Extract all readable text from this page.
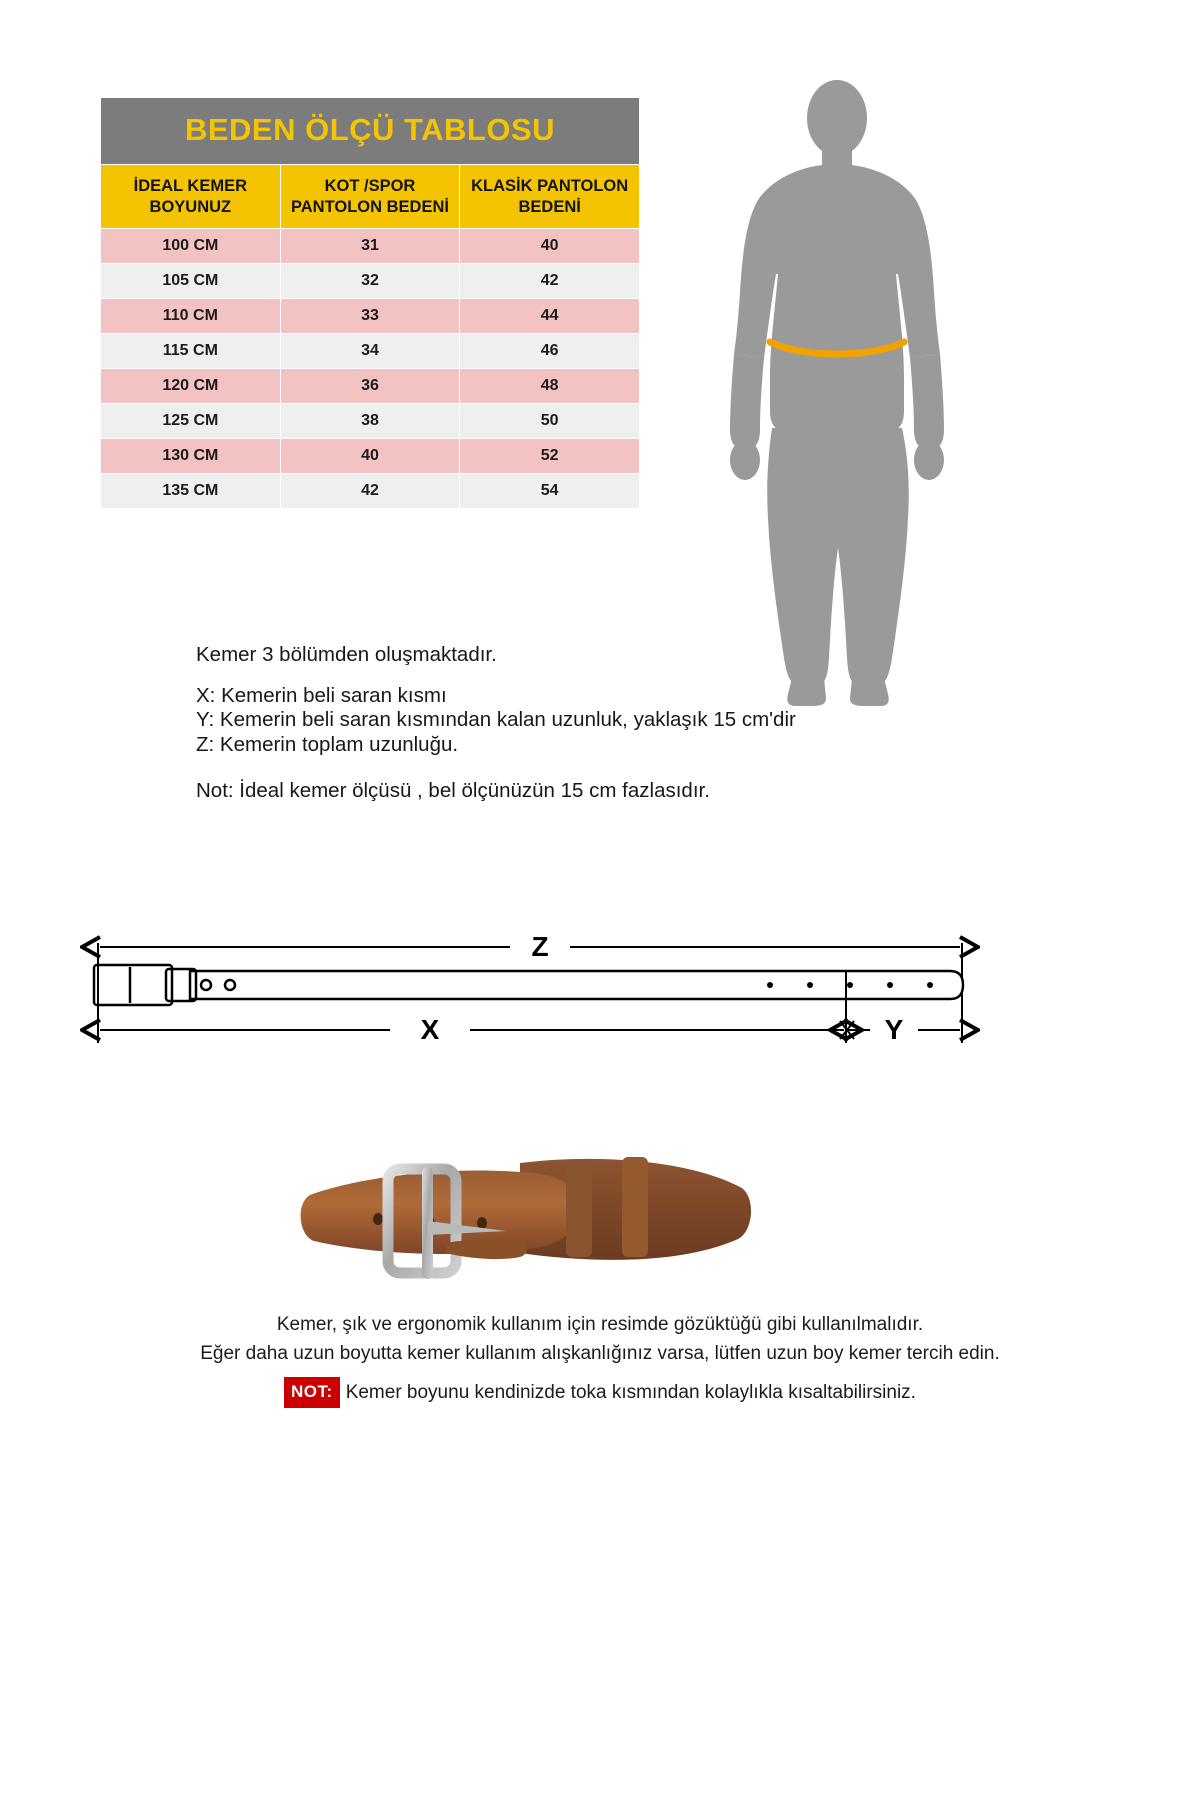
BEDEN ÖLÇÜ TABLOSU		
İDEAL KEMER BOYUNUZ	KOT /SPOR PANTOLON BEDENİ	KLASİK PANTOLON BEDENİ
100 CM	31	40
105 CM	32	42
110 CM	33	44
115 CM	34	46
120 CM	36	48
125 CM	38	50
130 CM	40	52
135 CM	42	54

Kemer 3 bölümden oluşmaktadır.

X: Kemerin beli saran kısmı

Y: Kemerin beli saran kısmından kalan uzunluk, yaklaşık 15 cm'dir

Z: Kemerin toplam uzunluğu.

Not: İdeal kemer ölçüsü , bel ölçünüzün 15 cm fazlasıdır.

Z
X	Y
Kemer, şık ve ergonomik kullanım için resimde gözüktüğü gibi kullanılmalıdır.
Eğer daha uzun boyutta kemer kullanım alışkanlığınız varsa, lütfen uzun boy kemer tercih edin.
NOT: Kemer boyunu kendinizde toka kısmından kolaylıkla kısaltabilirsiniz.
